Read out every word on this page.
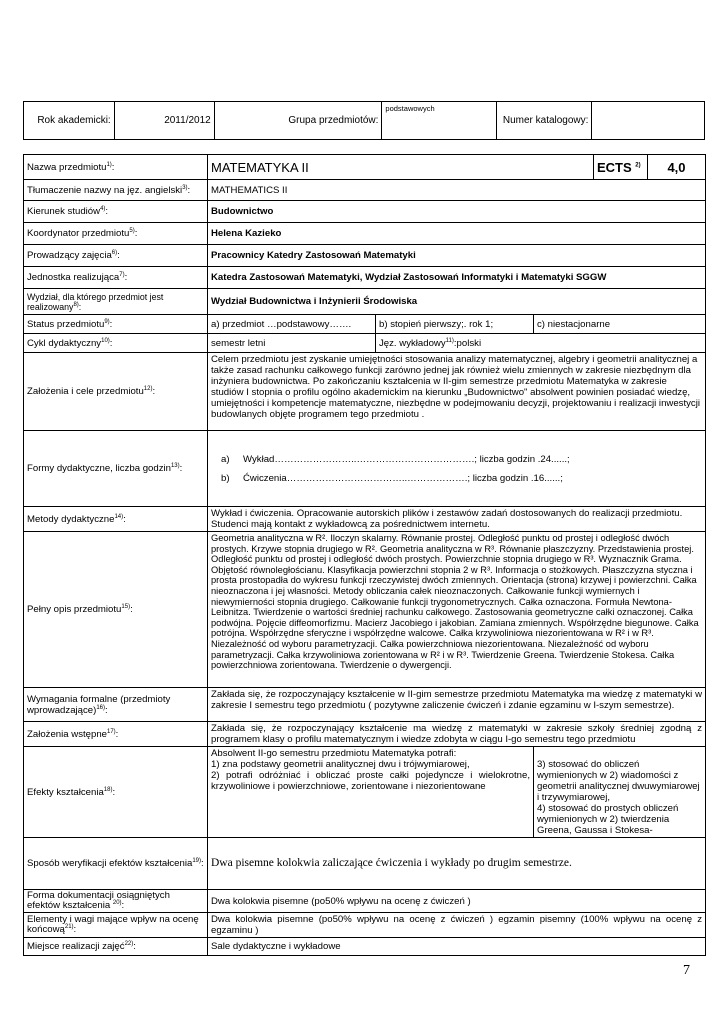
Rok akademicki:	2011/2012	Grupa przedmiotów:	podstawowych	Numer katalogowy:	
Nazwa przedmiotu$^{1)}$:	MATEMATYKA II			ECTS $^{2)}$	4,0
Tłumaczenie nazwy na jęz. angielski$^{3)}$:	MATHEMATICS II				
Kierunek studiów$^{4)}$:	Budownictwo				
Koordynator przedmiotu$^{5)}$:	Helena Kazieko				
Prowadzący zajęcia$^{6)}$:	Pracownicy Katedry Zastosowań Matematyki				
Jednostka realizująca$^{7)}$:	Katedra Zastosowań Matematyki, Wydział Zastosowań Informatyki i Matematyki SGGW				
Wydział, dla którego przedmiot jest realizowany$^{8)}$:	Wydział Budownictwa i Inżynierii Środowiska				
Status przedmiotu$^{9)}$:	a) przedmiot …podstawowy…….	b) stopień pierwszy;. rok 1;	c) niestacjonarne		
Cykl dydaktyczny$^{10)}$:	semestr letni	Jęz. wykładowy$^{11)}$:polski			
Założenia i cele przedmiotu$^{12)}$:	Celem przedmiotu jest zyskanie umiejętności stosowania analizy matematycznej, algebry i geometrii analitycznej a także zasad rachunku całkowego funkcji zarówno jednej jak również wielu zmiennych w zakresie niezbędnym dla inżyniera budownictwa. Po zakończaniu kształcenia w II-gim semestrze przedmiotu Matematyka w zakresie studiów I stopnia o profilu ogólno akademickim na kierunku „Budownictwo" absolwent powinien posiadać wiedzę, umiejętności i kompetencje matematyczne, niezbędne w podejmowaniu decyzji, projektowaniu i realizacji inwestycji budowlanych objęte programem tego przedmiotu .				
Formy dydaktyczne, liczba godzin$^{13)}$:	a) Wykład……………………..……………………………….; liczba godzin .24......;
b) Ćwiczenia………………………………..……………….; liczba godzin .16......;				

Metody dydaktyczne$^{14)}$:	Wykład i ćwiczenia. Opracowanie autorskich plików i zestawów zadań dostosowanych do realizacji przedmiotu. Studenci mają kontakt z wykładowcą za pośrednictwem internetu.				
Pełny opis przedmiotu$^{15)}$:	Geometria analityczna w R². Iloczyn skalarny. Równanie prostej. Odległość punktu od prostej i odległość dwóch prostych. Krzywe stopnia drugiego w R². Geometria analityczna w R³. Równanie płaszczyzny. Przedstawienia prostej. Odległość punktu od prostej i odległość dwóch prostych. Powierzchnie stopnia drugiego w R³. Wyznacznik Grama. Objętość równoległościanu. Klasyfikacja powierzchni stopnia 2 w R³. Informacja o stożkowych. Płaszczyzna styczna i prosta prostopadła do wykresu funkcji rzeczywistej dwóch zmiennych. Orientacja (strona) krzywej i powierzchni. Całka nieoznaczona i jej własności. Metody obliczania całek nieoznaczonych. Całkowanie funkcji wymiernych i niewymierności stopnia drugiego. Całkowanie funkcji trygonometrycznych. Całka oznaczona. Formuła Newtona-Leibnitza. Twierdzenie o wartości średniej rachunku całkowego. Zastosowania geometryczne całki oznaczonej. Całka podwójna. Pojęcie diffeomorfizmu. Macierz Jacobiego i jakobian. Zamiana zmiennych. Współrzędne biegunowe. Całka potrójna. Współrzędne sferyczne i współrzędne walcowe. Całka krzywoliniowa niezorientowana w R² i w R³. Niezależność od wyboru parametryzacji. Całka powierzchniowa niezorientowana. Niezależność od wyboru parametryzacji. Całka krzywoliniowa zorientowana w R² i w R³. Twierdzenie Greena. Twierdzenie Stokesa. Całka powierzchniowa zorientowana. Twierdzenie o dywergencji.				
Wymagania formalne (przedmioty wprowadzające)$^{16)}$:	Zakłada się, że rozpoczynający kształcenie w II-gim semestrze przedmiotu Matematyka ma wiedzę z matematyki w zakresie I semestru tego przedmiotu ( pozytywne zaliczenie ćwiczeń i zdanie egzaminu w I-szym semestrze).				
Założenia wstępne$^{17)}$:	Zakłada się, że rozpoczynający kształcenie ma wiedzę z matematyki w zakresie szkoły średniej zgodną z programem klasy o profilu matematycznym i wiedze zdobyta w ciągu I-go semestru tego przedmiotu				
Efekty kształcenia$^{18)}$:	Absolwent II-go semestru przedmiotu Matematyka potrafi:
1) zna podstawy geometrii analitycznej dwu i trójwymiarowej,
2) potrafi odróżniać i obliczać proste całki pojedyncze i wielokrotne, krzywoliniowe i powierzchniowe, zorientowane i niezorientowane		3) stosować do obliczeń wymienionych w 2) wiadomości z geometrii analitycznej dwuwymiarowej i trzywymiarowej,
4) stosować do prostych obliczeń wymienionych w 2) twierdzenia Greena, Gaussa i Stokesa-		
Sposób weryfikacji efektów kształcenia$^{19)}$:	Dwa pisemne kolokwia zaliczające ćwiczenia i wykłady po drugim semestrze.				
Forma dokumentacji osiągniętych efektów kształcenia $^{20)}$:	Dwa kolokwia pisemne (po50% wpływu na ocenę z ćwiczeń )				
Elementy i wagi mające wpływ na ocenę końcową$^{21)}$:	Dwa kolokwia pisemne (po50% wpływu na ocenę z ćwiczeń ) egzamin pisemny (100% wpływu na ocenę z egzaminu )				
Miejsce realizacji zajęć$^{22)}$:	Sale dydaktyczne i wykładowe				
7
